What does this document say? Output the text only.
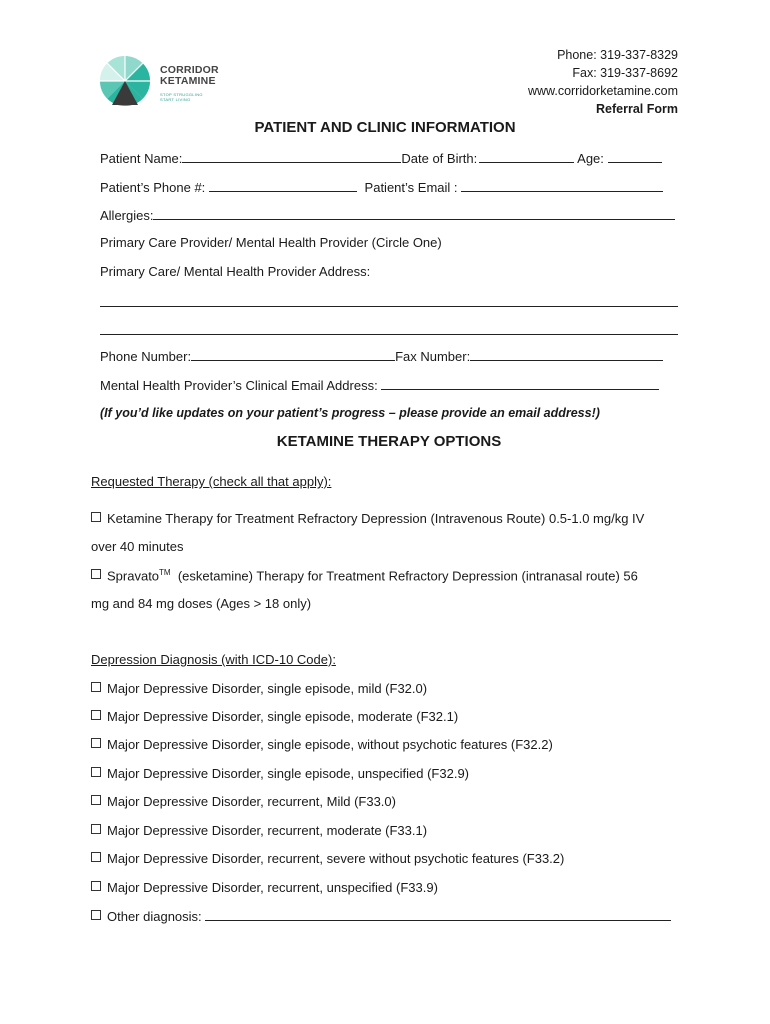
CORRIDOR
KETAMINE
STOP STRUGGLING
START LIVING
Phone: 319-337-8329
Fax: 319-337-8692
www.corridorketamine.com
Referral Form
PATIENT AND CLINIC INFORMATION
Patient Name:	Date of Birth:	Age:
Patient’s Phone #:	Patient’s Email :
Allergies:
Primary Care Provider/ Mental Health Provider (Circle One)
Primary Care/ Mental Health Provider Address:
Phone Number:	Fax Number:
Mental Health Provider’s Clinical Email Address:
(If you’d like updates on your patient’s progress – please provide an email address!)
KETAMINE THERAPY OPTIONS
Requested Therapy (check all that apply):
Ketamine Therapy for Treatment Refractory Depression (Intravenous Route) 0.5-1.0 mg/kg IV
over 40 minutes
Spravato™ (esketamine) Therapy for Treatment Refractory Depression (intranasal route) 56
mg and 84 mg doses (Ages > 18 only)
Depression Diagnosis (with ICD-10 Code):
Major Depressive Disorder, single episode, mild (F32.0)
Major Depressive Disorder, single episode, moderate (F32.1)
Major Depressive Disorder, single episode, without psychotic features (F32.2)
Major Depressive Disorder, single episode, unspecified (F32.9)
Major Depressive Disorder, recurrent, Mild (F33.0)
Major Depressive Disorder, recurrent, moderate (F33.1)
Major Depressive Disorder, recurrent, severe without psychotic features (F33.2)
Major Depressive Disorder, recurrent, unspecified (F33.9)
Other diagnosis:
